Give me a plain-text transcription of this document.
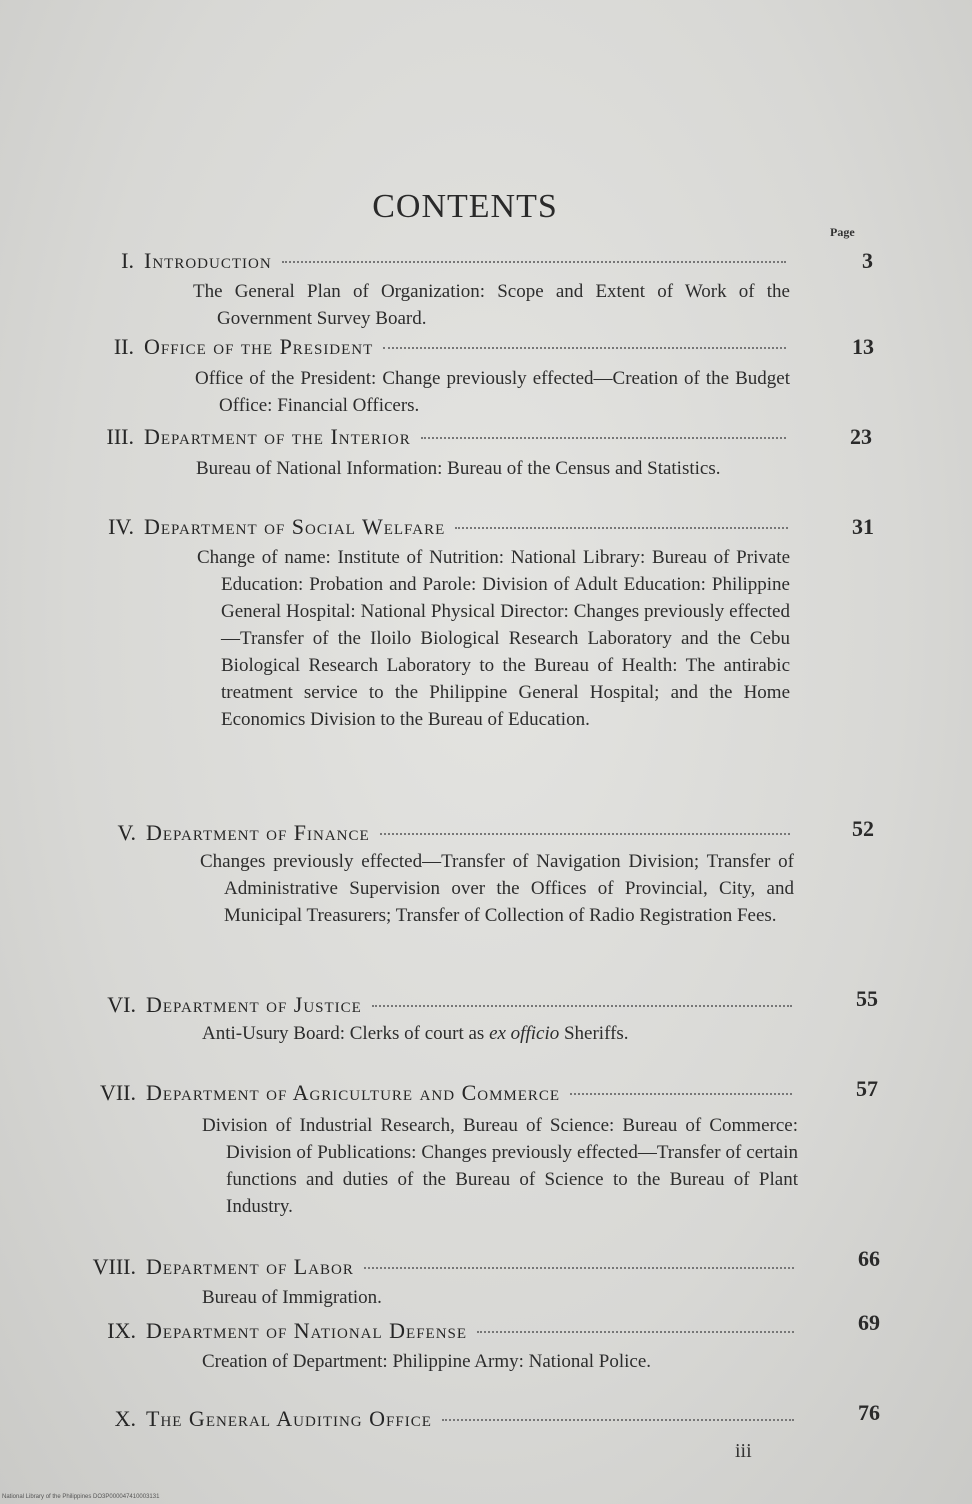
CONTENTS
Page
I. Introduction	3
The General Plan of Organization: Scope and Extent of Work of the Government Survey Board.
II. Office of the President	13
Office of the President: Change previously effected—Creation of the Budget Office: Financial Officers.
III. Department of the Interior	23
Bureau of National Information: Bureau of the Census and Statistics.
IV. Department of Social Welfare	31
Change of name: Institute of Nutrition: National Library: Bureau of Private Education: Probation and Parole: Division of Adult Education: Philippine General Hospital: National Physical Director: Changes previously effected—Transfer of the Iloilo Biological Research Laboratory and the Cebu Biological Research Laboratory to the Bureau of Health: The antirabic treatment service to the Philippine General Hospital; and the Home Economics Division to the Bureau of Education.
V. Department of Finance	52
Changes previously effected—Transfer of Navigation Division; Transfer of Administrative Supervision over the Offices of Provincial, City, and Municipal Treasurers; Transfer of Collection of Radio Registration Fees.
VI. Department of Justice	55
Anti-Usury Board: Clerks of court as ex officio Sheriffs.
VII. Department of Agriculture and Commerce	57
Division of Industrial Research, Bureau of Science: Bureau of Commerce: Division of Publications: Changes previously effected—Transfer of certain functions and duties of the Bureau of Science to the Bureau of Plant Industry.
VIII. Department of Labor	66
Bureau of Immigration.
IX. Department of National Defense	69
Creation of Department: Philippine Army: National Police.
X. The General Auditing Office	76
iii
National Library of the Philippines DO3P000047410003131
